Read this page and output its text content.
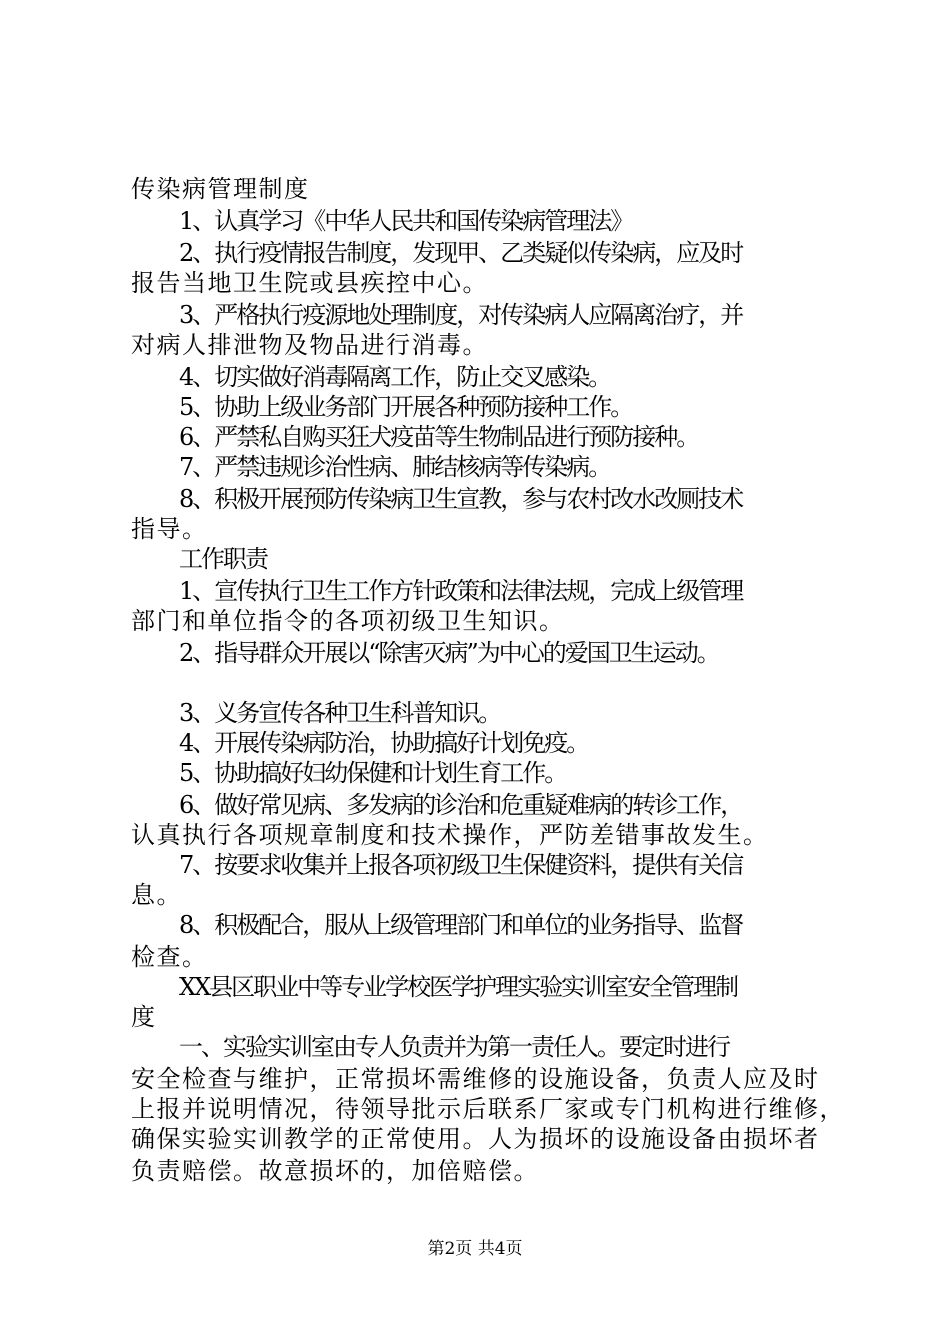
传染病管理制度
1、认真学习《中华人民共和国传染病管理法》
2、执行疫情报告制度，发现甲、乙类疑似传染病，应及时
报告当地卫生院或县疾控中心。
3、严格执行疫源地处理制度，对传染病人应隔离治疗，并
对病人排泄物及物品进行消毒。
4、切实做好消毒隔离工作，防止交叉感染。
5、协助上级业务部门开展各种预防接种工作。
6、严禁私自购买狂犬疫苗等生物制品进行预防接种。
7、严禁违规诊治性病、肺结核病等传染病。
8、积极开展预防传染病卫生宣教，参与农村改水改厕技术
指导。
工作职责
1、宣传执行卫生工作方针政策和法律法规，完成上级管理
部门和单位指令的各项初级卫生知识。
2、指导群众开展以“除害灭病”为中心的爱国卫生运动。
3、义务宣传各种卫生科普知识。
4、开展传染病防治，协助搞好计划免疫。
5、协助搞好妇幼保健和计划生育工作。
6、做好常见病、多发病的诊治和危重疑难病的转诊工作，
认真执行各项规章制度和技术操作，严防差错事故发生。
7、按要求收集并上报各项初级卫生保健资料，提供有关信
息。
8、积极配合，服从上级管理部门和单位的业务指导、监督
检查。
XX县区职业中等专业学校医学护理实验实训室安全管理制
度
一、实验实训室由专人负责并为第一责任人。要定时进行
安全检查与维护，正常损坏需维修的设施设备，负责人应及时
上报并说明情况，待领导批示后联系厂家或专门机构进行维修，
确保实验实训教学的正常使用。人为损坏的设施设备由损坏者
负责赔偿。故意损坏的，加倍赔偿。
第2页 共4页
